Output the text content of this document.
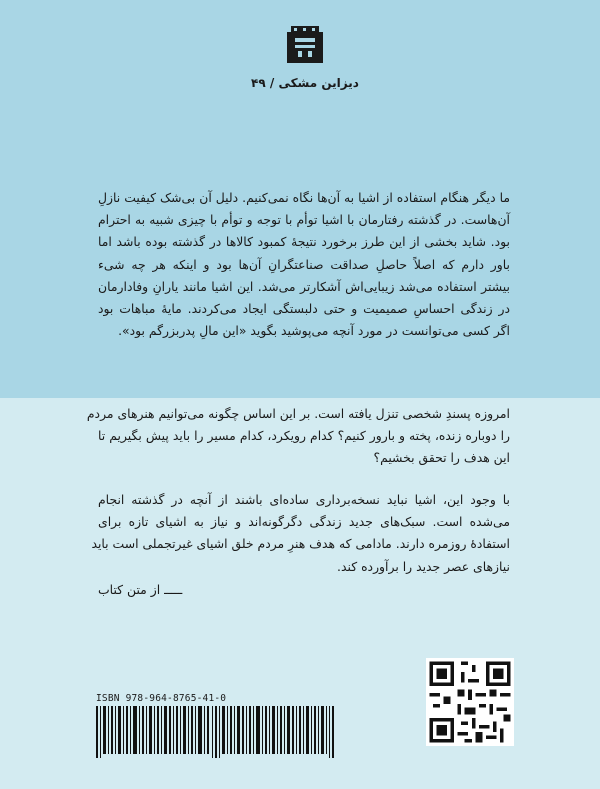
دیزاین مشکی / ۴۹
ما دیگر هنگام استفاده از اشیا به آن‌ها نگاه نمی‌کنیم. دلیل آن بی‌شک کیفیت نازلِ
آن‌هاست. در گذشته رفتارمان با اشیا توأم با توجه و توأم با چیزی شبیه به احترام
بود. شاید بخشی از این طرز برخورد نتیجهٔ کمبود کالاها در گذشته بوده باشد اما
باور دارم که اصلاً حاصلِ صداقت صناعتگرانِ آن‌ها بود و اینکه هر چه شیء
بیشتر استفاده می‌شد زیبایی‌اش آشکارتر می‌شد. این اشیا مانند یارانِ وفادارمان
در زندگی احساسِ صمیمیت و حتی دلبستگی ایجاد می‌کردند. مایهٔ مباهات بود
اگر کسی می‌توانست در مورد آنچه می‌پوشید بگوید «این مالِ پدربزرگم بود».
امروزه پسندِ شخصی تنزل یافته است. بر این اساس چگونه می‌توانیم هنرهای مردم
را دوباره زنده، پخته و بارور کنیم؟ کدام رویکرد، کدام مسیر را باید پیش بگیریم تا
این هدف را تحقق بخشیم؟
با وجود این، اشیا نباید نسخه‌برداری ساده‌ای باشند از آنچه در گذشته انجام
می‌شده است. سبک‌های جدید زندگی دگرگونه‌اند و نیاز به اشیای تازه برای
استفادهٔ روزمره دارند. مادامی که هدف هنرِ مردم خلق اشیای غیرتجملی است باید
نیازهای عصر جدید را برآورده کند.
ـــــ از متن کتاب
ISBN 978-964-8765-41-0
